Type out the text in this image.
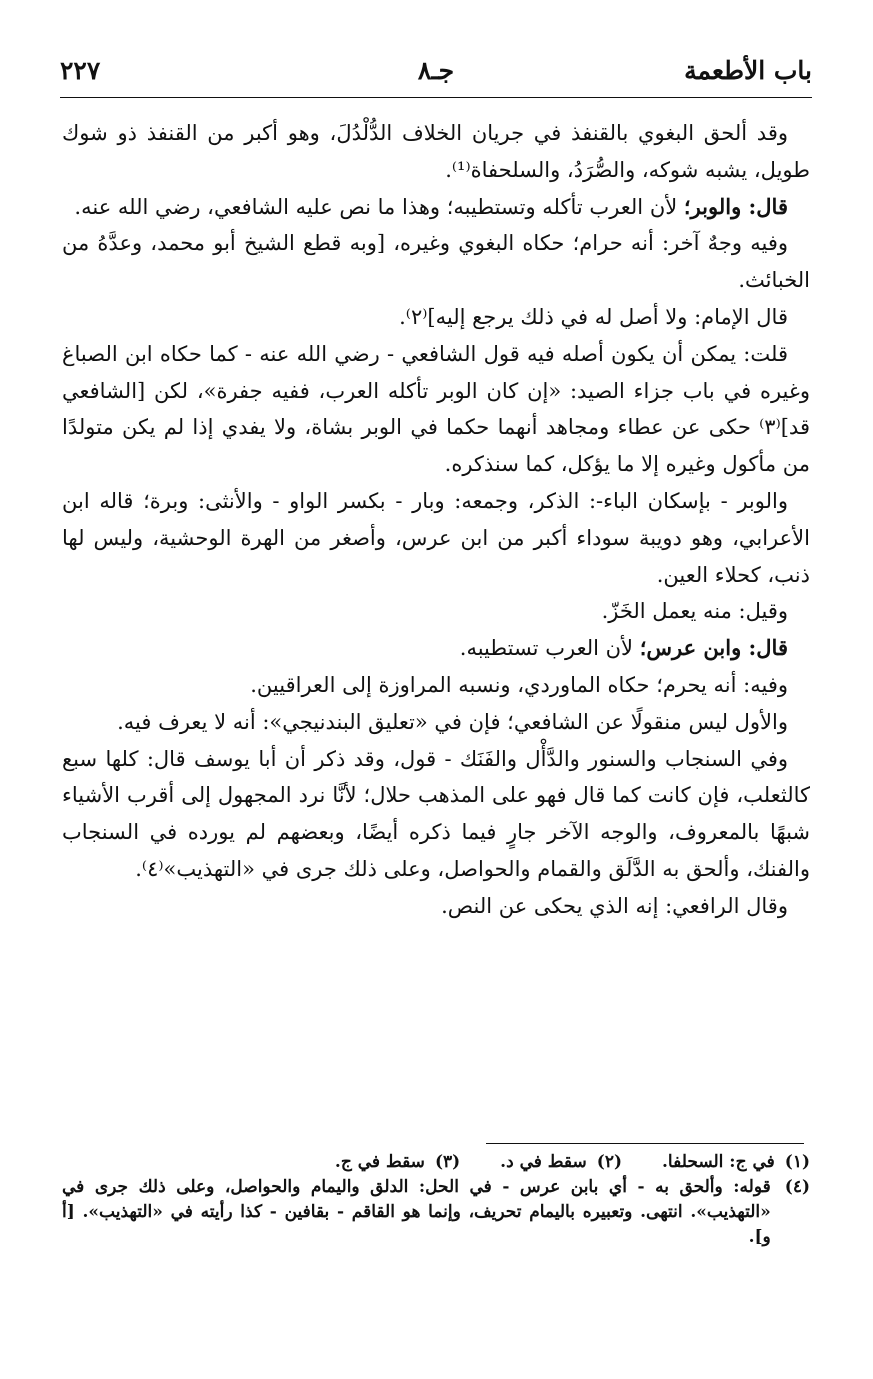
باب الأطعمة
جـ٨
٢٢٧

وقد ألحق البغوي بالقنفذ في جريان الخلاف الدُّلْدُلَ، وهو أكبر من القنفذ ذو شوك طويل، يشبه شوكه، والصُّرَدُ، والسلحفاة⁽¹⁾.

قال: والوبر؛ لأن العرب تأكله وتستطيبه؛ وهذا ما نص عليه الشافعي، رضي الله عنه.

وفيه وجهٌ آخر: أنه حرام؛ حكاه البغوي وغيره، [وبه قطع الشيخ أبو محمد، وعدَّهُ من الخبائث.

قال الإمام: ولا أصل له في ذلك يرجع إليه]⁽٢⁾.

قلت: يمكن أن يكون أصله فيه قول الشافعي - رضي الله عنه - كما حكاه ابن الصباغ وغيره في باب جزاء الصيد: «إن كان الوبر تأكله العرب، ففيه جفرة»، لكن [الشافعي قد]⁽٣⁾ حكى عن عطاء ومجاهد أنهما حكما في الوبر بشاة، ولا يفدي إذا لم يكن متولدًا من مأكول وغيره إلا ما يؤكل، كما سنذكره.

والوبر - بإسكان الباء-: الذكر، وجمعه: وبار - بكسر الواو - والأنثى: وبرة؛ قاله ابن الأعرابي، وهو دويبة سوداء أكبر من ابن عرس، وأصغر من الهرة الوحشية، وليس لها ذنب، كحلاء العين.

وقيل: منه يعمل الخَزّ.

قال: وابن عرس؛ لأن العرب تستطيبه.

وفيه: أنه يحرم؛ حكاه الماوردي، ونسبه المراوزة إلى العراقيين.

والأول ليس منقولًا عن الشافعي؛ فإن في «تعليق البندنيجي»: أنه لا يعرف فيه.

وفي السنجاب والسنور والدَّأْل والفَنَك - قول، وقد ذكر أن أبا يوسف قال: كلها سبع كالثعلب، فإن كانت كما قال فهو على المذهب حلال؛ لأنَّا نرد المجهول إلى أقرب الأشياء شبهًا بالمعروف، والوجه الآخر جارٍ فيما ذكره أيضًا، وبعضهم لم يورده في السنجاب والفنك، وألحق به الدَّلَق والقمام والحواصل، وعلى ذلك جرى في «التهذيب»⁽٤⁾.

وقال الرافعي: إنه الذي يحكى عن النص.

(١)في ج: السحلفا.
(٢)سقط في د.
(٣)سقط في ج.
(٤)
قوله: وألحق به - أي بابن عرس - في الحل: الدلق واليمام والحواصل، وعلى ذلك جرى في «التهذيب». انتهى. وتعبيره باليمام تحريف، وإنما هو القاقم - بقافين - كذا رأيته في «التهذيب». [أ و].
